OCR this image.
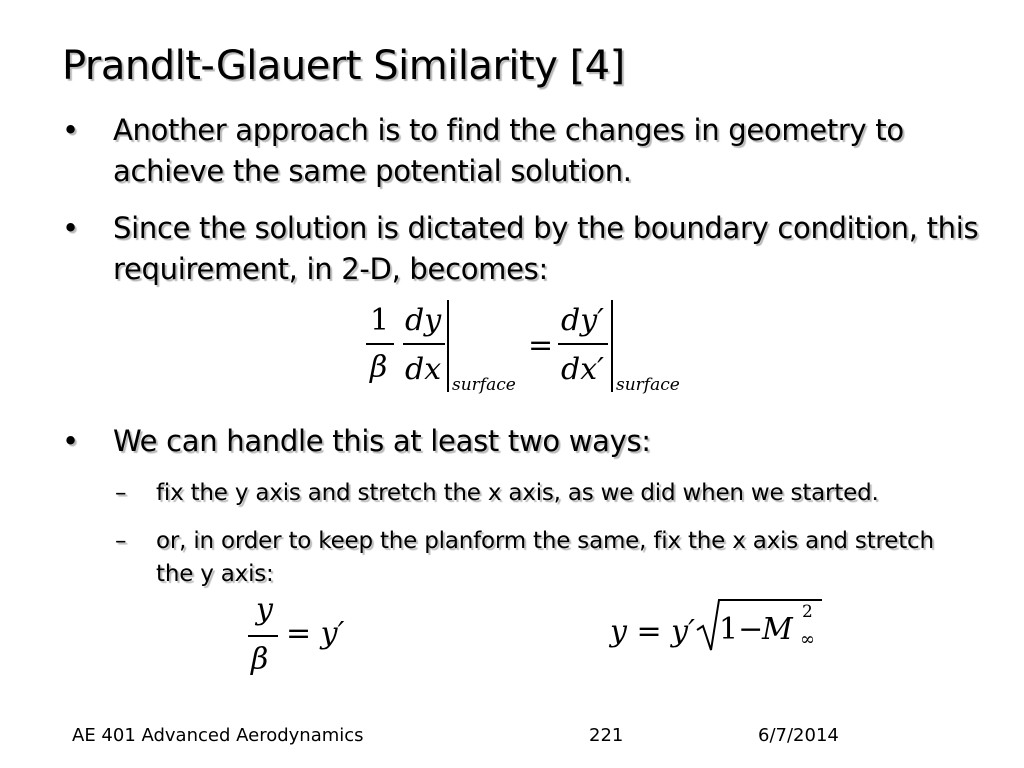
Prandlt-Glauert Similarity [4]
• Another approach is to find the changes in geometry to achieve the same potential solution.
• Since the solution is dictated by the boundary condition, this requirement, in 2-D, becomes:
1
β
dy
dx surface
=
dy′
dx′ surface
• We can handle this at least two ways:
– fix the y axis and stretch the x axis, as we did when we started.
– or, in order to keep the planform the same, fix the x axis and stretch the y axis:
y
β
= y′	y = y′ 1−
M 2
∞
AE 401 Advanced Aerodynamics	221	6/7/2014
